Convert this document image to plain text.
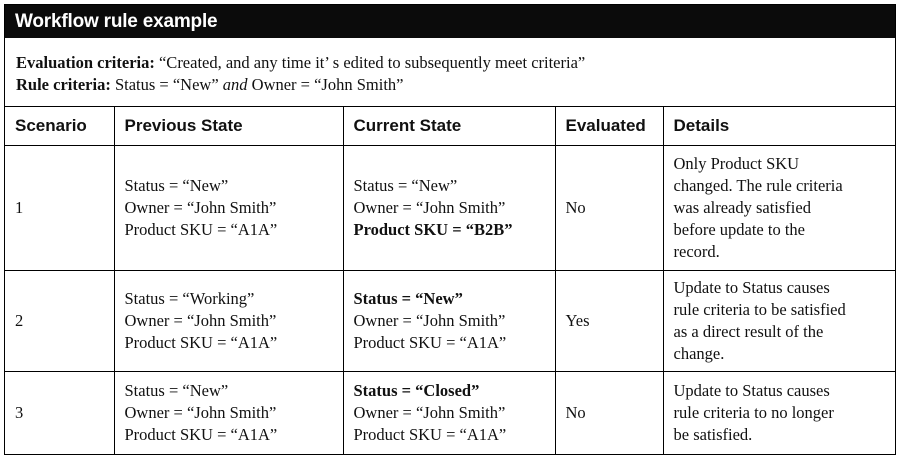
Workflow rule example
Evaluation criteria: “Created, and any time it’ s edited to subsequently meet criteria”
Rule criteria: Status = “New” and Owner = “John Smith”
Scenario	Previous State	Current State	Evaluated	Details
1	Status = “New”
Owner = “John Smith”
Product SKU = “A1A”	Status = “New”
Owner = “John Smith”
Product SKU = “B2B”	No	Only Product SKU
changed. The rule criteria
was already satisfied
before update to the
record.

2	Status = “Working”
Owner = “John Smith”
Product SKU = “A1A”	Status = “New”
Owner = “John Smith”
Product SKU = “A1A”	Yes	Update to Status causes
rule criteria to be satisfied
as a direct result of the
change.

3	Status = “New”
Owner = “John Smith”
Product SKU = “A1A”	Status = “Closed”
Owner = “John Smith”
Product SKU = “A1A”	No	Update to Status causes
rule criteria to no longer
be satisfied.
